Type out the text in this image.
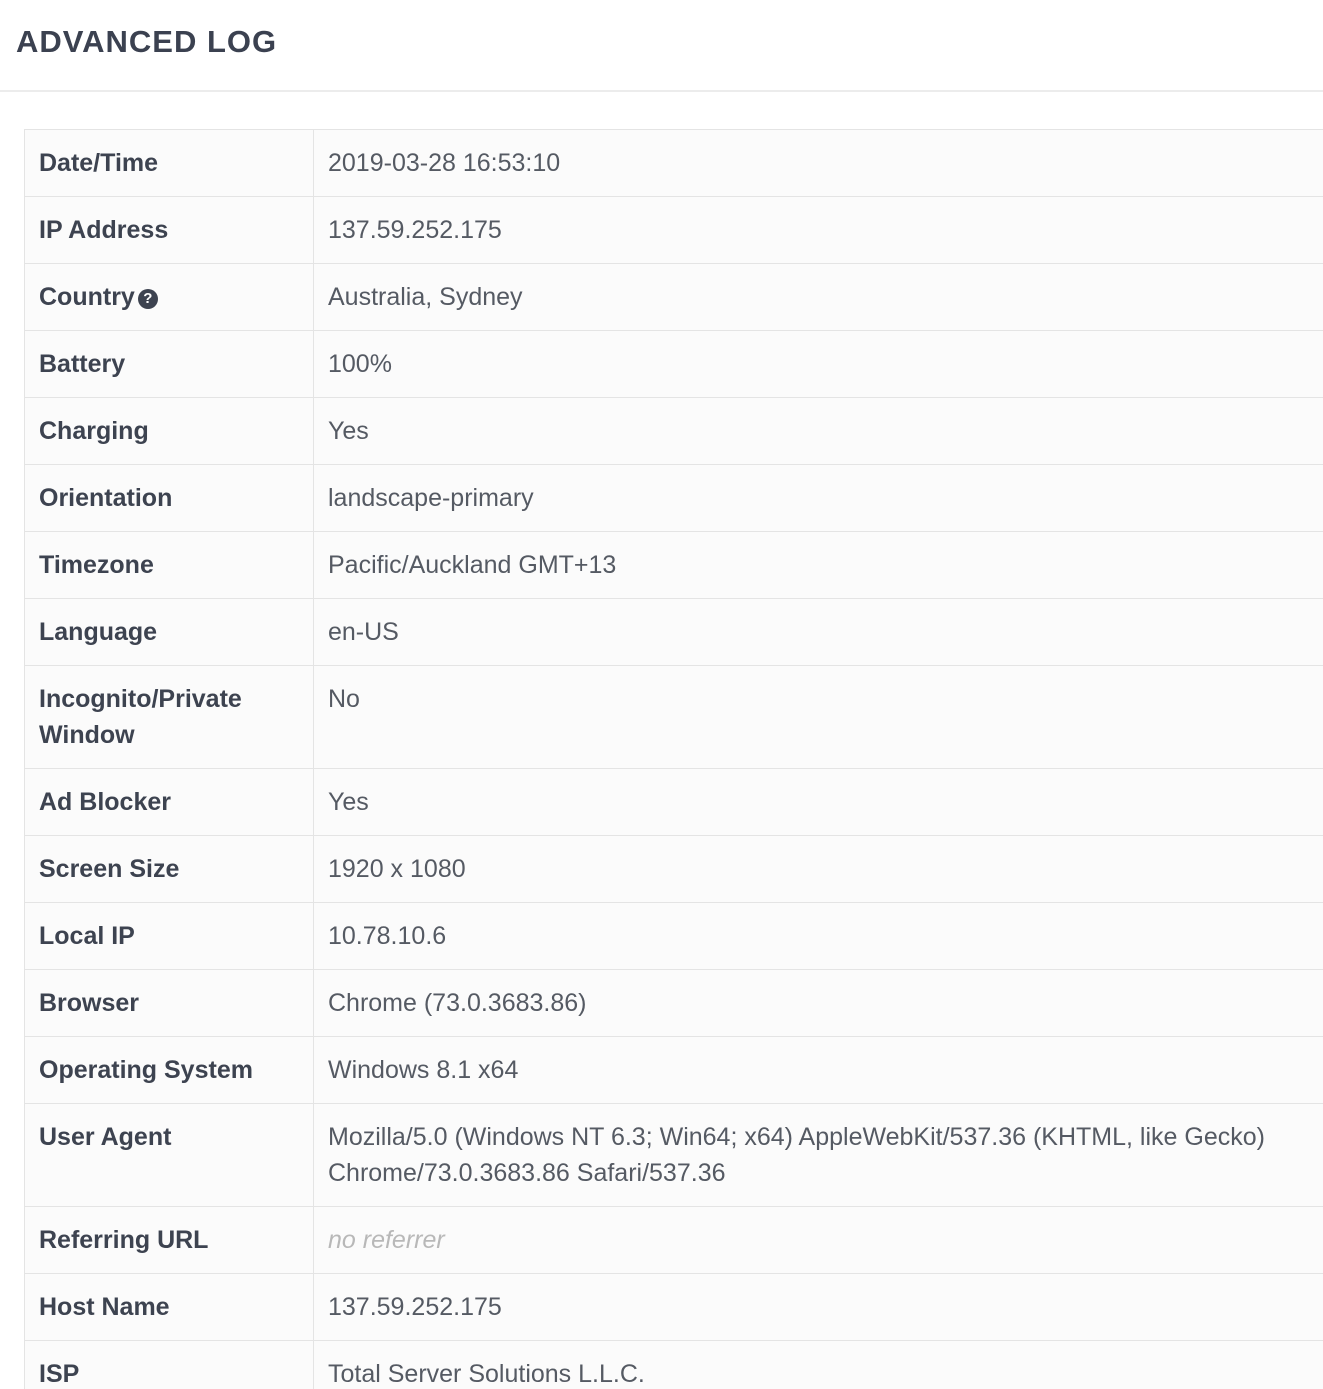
ADVANCED LOG
Date/Time	2019-03-28 16:53:10
IP Address	137.59.252.175
Country ?	Australia, Sydney
Battery	100%
Charging	Yes
Orientation	landscape-primary
Timezone	Pacific/Auckland GMT+13
Language	en-US
Incognito/Private Window	No
Ad Blocker	Yes
Screen Size	1920 x 1080
Local IP	10.78.10.6
Browser	Chrome (73.0.3683.86)
Operating System	Windows 8.1 x64
User Agent	Mozilla/5.0 (Windows NT 6.3; Win64; x64) AppleWebKit/537.36 (KHTML, like Gecko) Chrome/73.0.3683.86 Safari/537.36
Referring URL	no referrer
Host Name	137.59.252.175
ISP	Total Server Solutions L.L.C.
